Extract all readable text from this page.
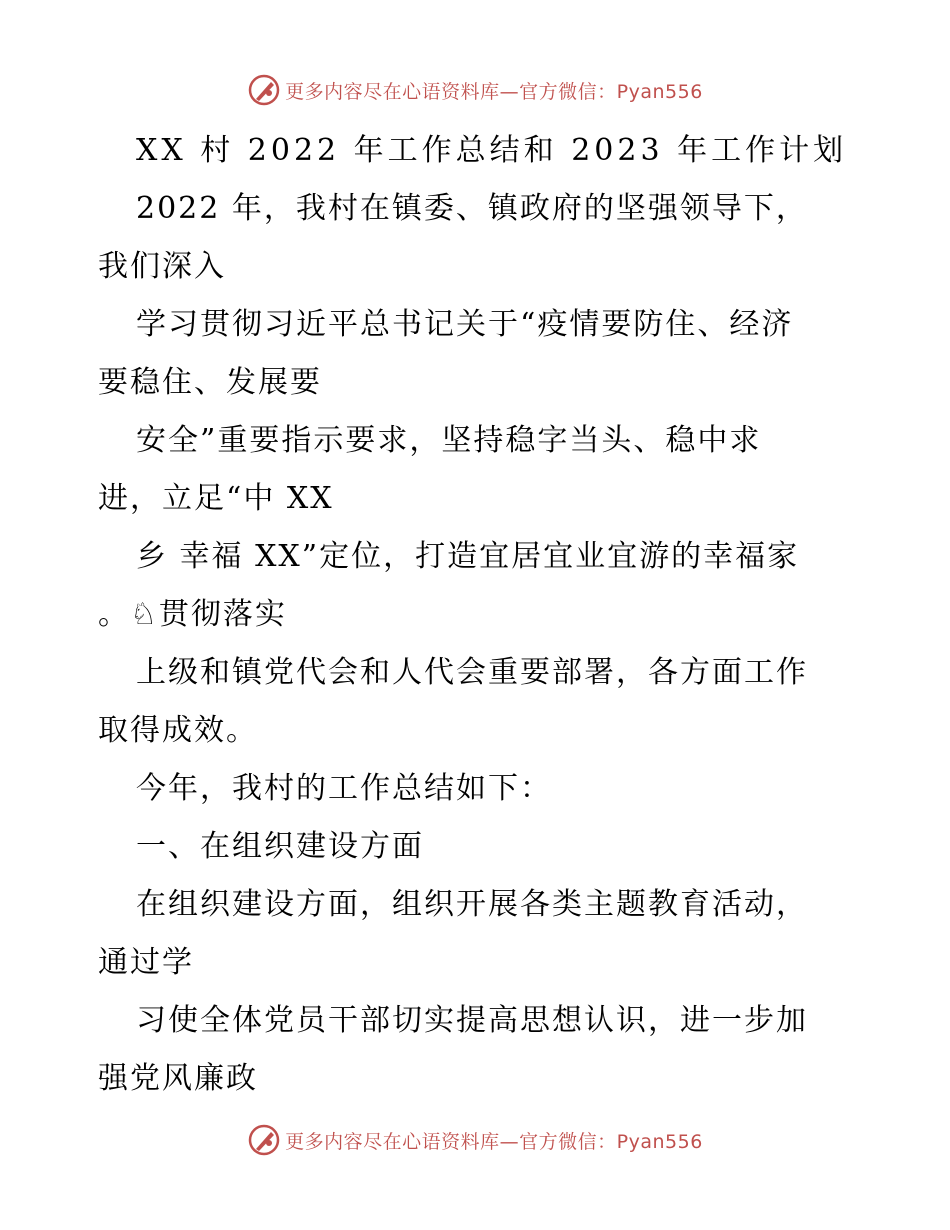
更多内容尽在心语资料库—官方微信：Pyan556
XX 村 2022 年工作总结和 2023 年工作计划
2022 年，我村在镇委、镇政府的坚强领导下，
我们深入
学习贯彻习近平总书记关于“疫情要防住、经济
要稳住、发展要
安全”重要指示要求，坚持稳字当头、稳中求
进，立足“中 XX
乡 幸福 XX”定位，打造宜居宜业宜游的幸福家
。♘贯彻落实
上级和镇党代会和人代会重要部署，各方面工作
取得成效。
今年，我村的工作总结如下：
一、在组织建设方面
在组织建设方面，组织开展各类主题教育活动，
通过学
习使全体党员干部切实提高思想认识，进一步加
强党风廉政
更多内容尽在心语资料库—官方微信：Pyan556
